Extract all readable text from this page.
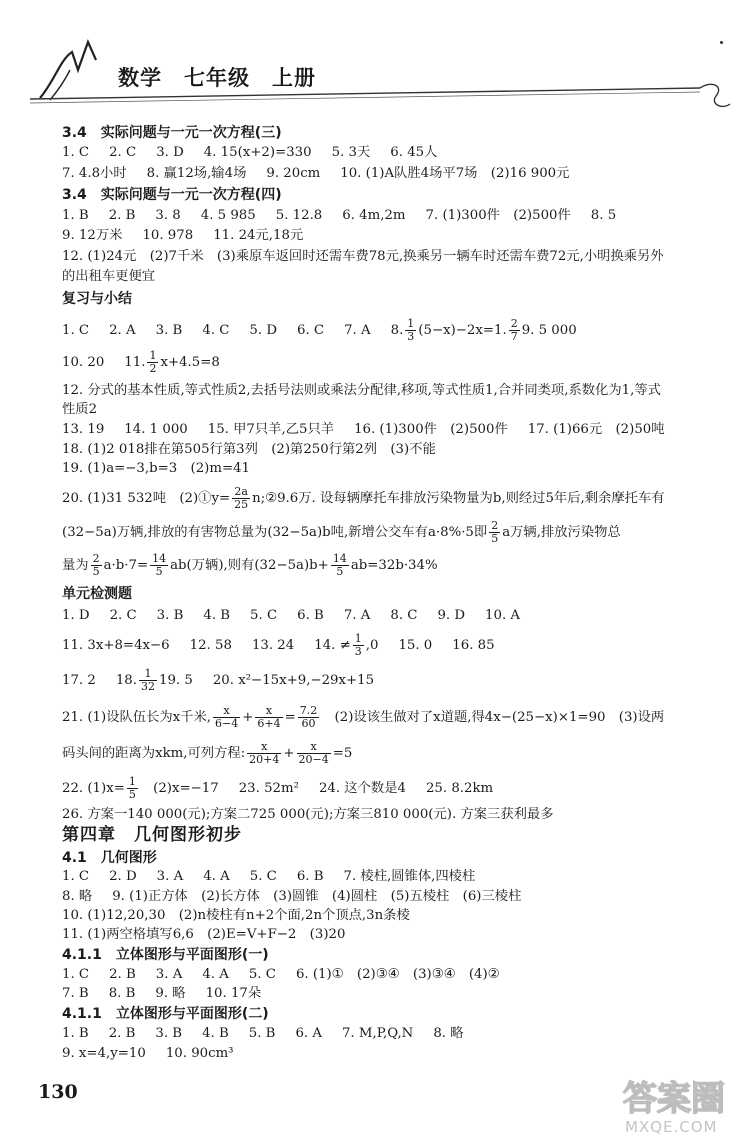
数学　七年级　上册
3.4　实际问题与一元一次方程(三)
1. C 2. C 3. D 4. 15(x+2)=330 5. 3天 6. 45人
7. 4.8小时 8. 赢12场,输4场 9. 20cm 10. (1)A队胜4场平7场　(2)16 900元
3.4　实际问题与一元一次方程(四)
1. B 2. B 3. 8 4. 5 985 5. 12.8 6. 4m,2m 7. (1)300件　(2)500件 8. 5
9. 12万米 10. 978 11. 24元,18元
12. (1)24元　(2)7千米　(3)乘原车返回时还需车费78元,换乘另一辆车时还需车费72元,小明换乘另外
的出租车更便宜
复习与小结
1. C 2. A 3. B 4. C 5. D 6. C 7. A 8. $\frac{1}{3} (5-x)-2x=1$. $\frac{2}{7} 9$. 5 000
10. 20 11. $\frac{1}{2} x+4.5=8$
12. 分式的基本性质,等式性质2,去括号法则或乘法分配律,移项,等式性质1,合并同类项,系数化为1,等式
性质2
13. 19 14. 1 000 15. 甲7只羊,乙5只羊 16. (1)300件　(2)500件 17. (1)66元　(2)50吨
18. (1)2 018排在第505行第3列　(2)第250行第2列　(3)不能
19. (1)a=−3,b=3　(2)m=41
20. (1)31 532吨　(2)①y= $\frac{2a}{25}$ n;②9.6万. 设每辆摩托车排放污染物量为b,则经过5年后,剩余摩托车有
(32−5a)万辆,排放的有害物总量为(32−5a)b吨,新增公交车有a·8%·5即 $\frac{2}{5}$ a万辆,排放污染物总
量为 $\frac{2}{5} a\cdot b\cdot 7= \frac{14}{5} ab$(万辆),则有$(32-5a)b+ \frac{14}{5} ab=32b\cdot 34\%$
单元检测题
1. D 2. C 3. B 4. B 5. C 6. B 7. A 8. C 9. D 10. A
11. 3x+8=4x−6 12. 58 13. 24 14. ≠ $\frac{1}{3} ,0$ 15. 0 16. 85
17. 2 18. $\frac{1}{32} 19$. 5 20. x²−15x+9,−29x+15
21. (1)设队伍长为x千米, $\frac{x}{6-4} + \frac{x}{6+4} = \frac{7.2}{60}$ 　(2)设该生做对了x道题,得4x−(25−x)×1=90　(3)设两
码头间的距离为xkm,可列方程: $\frac{x}{20+4} + \frac{x}{20-4} =5$
22. $(1)x= \frac{1}{5}$ 　(2)x=−17 23. 52m² 24. 这个数是4 25. 8.2km
26. 方案一140 000(元);方案二725 000(元);方案三810 000(元). 方案三获利最多
第四章　几何图形初步
4.1　几何图形
1. C 2. D 3. A 4. A 5. C 6. B 7. 棱柱,圆锥体,四棱柱
8. 略 9. (1)正方体　(2)长方体　(3)圆锥　(4)圆柱　(5)五棱柱　(6)三棱柱
10. (1)12,20,30　(2)n棱柱有n+2个面,2n个顶点,3n条棱
11. (1)两空格填写6,6　(2)E=V+F−2　(3)20
4.1.1　立体图形与平面图形(一)
1. C 2. B 3. A 4. A 5. C 6. (1)①　(2)③④　(3)③④　(4)②
7. B 8. B 9. 略 10. 17朵
4.1.1　立体图形与平面图形(二)
1. B 2. B 3. B 4. B 5. B 6. A 7. M,P,Q,N 8. 略
9. x=4,y=10 10. 90cm³
130	答案圈
MXQE.COM
